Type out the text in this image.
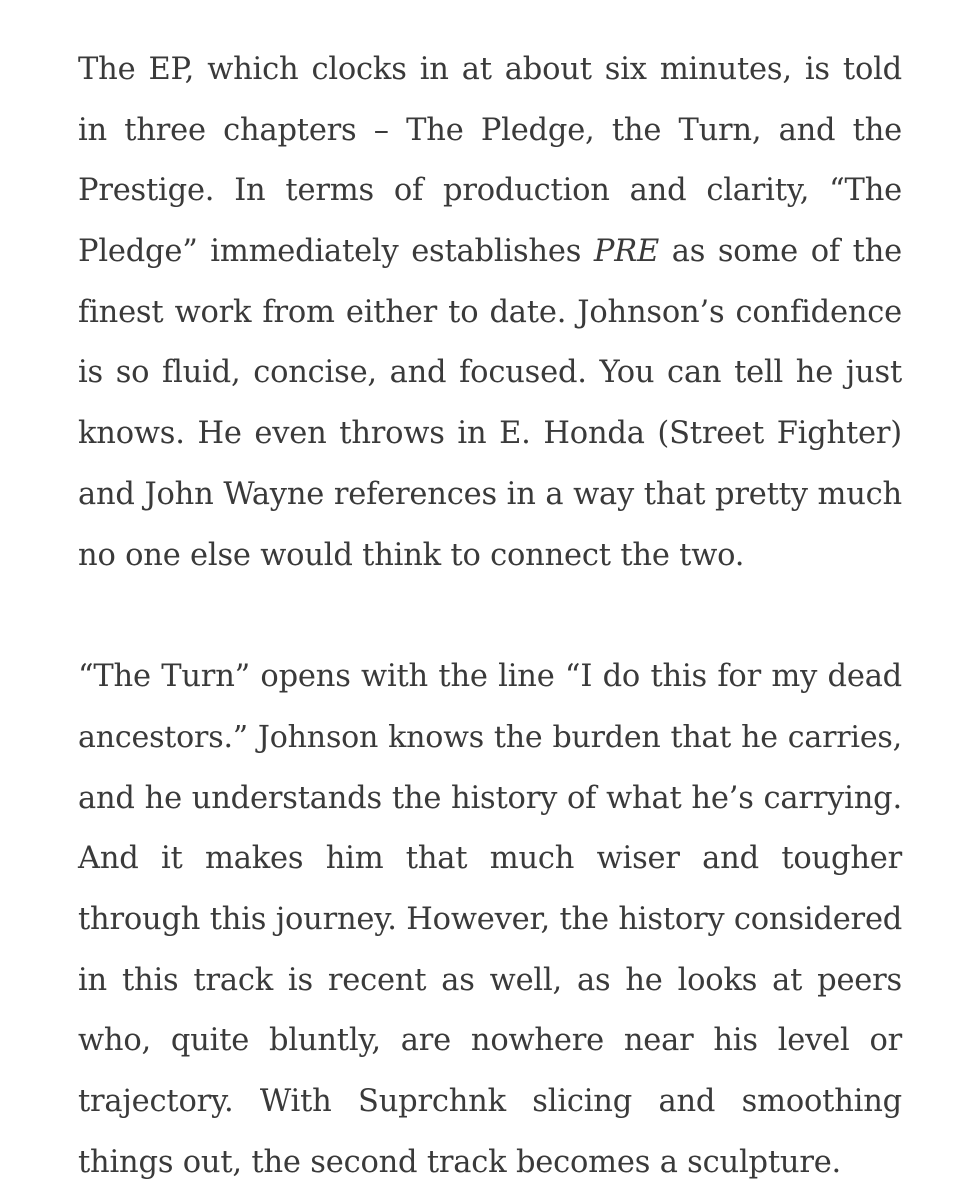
The EP, which clocks in at about six minutes, is told
in three chapters – The Pledge, the Turn, and the
Prestige. In terms of production and clarity, “The
Pledge” immediately establishes PRE as some of the
finest work from either to date. Johnson’s confidence
is so fluid, concise, and focused. You can tell he just
knows. He even throws in E. Honda (Street Fighter)
and John Wayne references in a way that pretty much
no one else would think to connect the two.

“The Turn” opens with the line “I do this for my dead
ancestors.” Johnson knows the burden that he carries,
and he understands the history of what he’s carrying.
And it makes him that much wiser and tougher
through this journey. However, the history considered
in this track is recent as well, as he looks at peers
who, quite bluntly, are nowhere near his level or
trajectory. With Suprchnk slicing and smoothing
things out, the second track becomes a sculpture.
